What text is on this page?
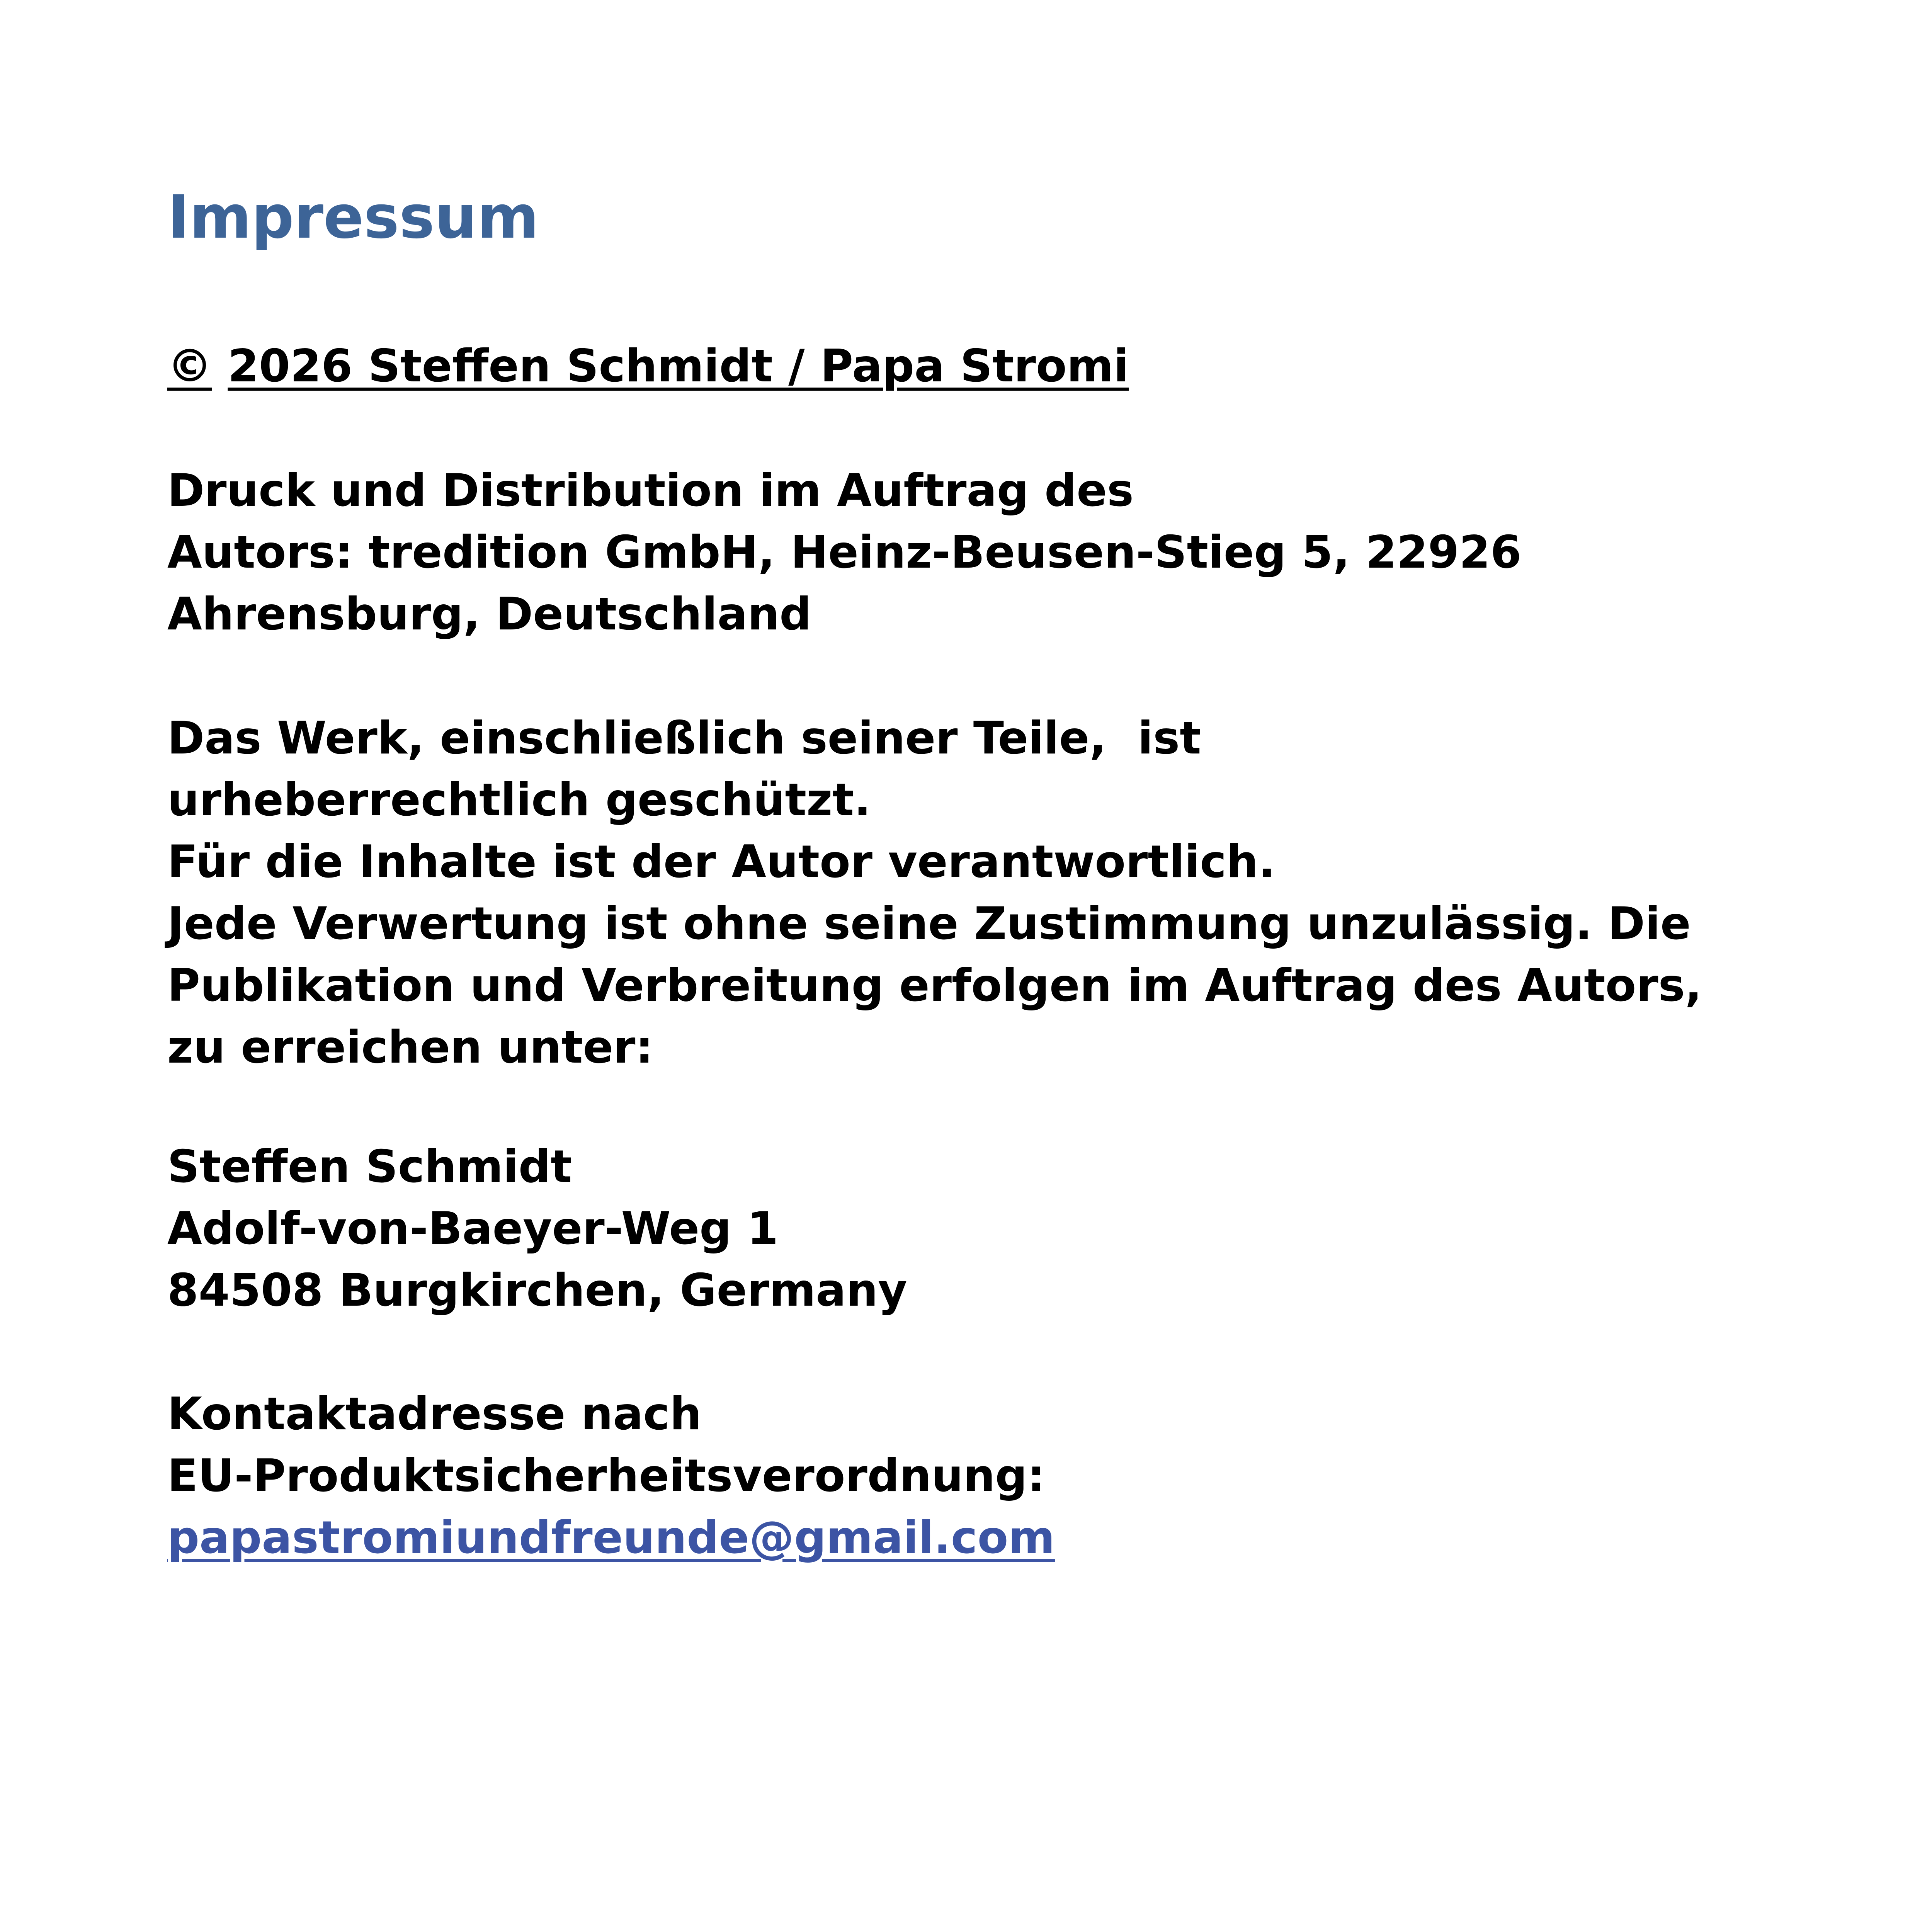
Impressum
© 2026 Steffen Schmidt / Papa Stromi
Druck und Distribution im Auftrag des
Autors: tredition GmbH, Heinz-Beusen-Stieg 5, 22926
Ahrensburg, Deutschland
Das Werk, einschließlich seiner Teile,  ist
urheberrechtlich geschützt.
Für die Inhalte ist der Autor verantwortlich.
Jede Verwertung ist ohne seine Zustimmung unzulässig. Die
Publikation und Verbreitung erfolgen im Auftrag des Autors,
zu erreichen unter:
Steffen Schmidt
Adolf-von-Baeyer-Weg 1
84508 Burgkirchen, Germany
Kontaktadresse nach
EU-Produktsicherheitsverordnung:
papastromiundfreunde@gmail.com
